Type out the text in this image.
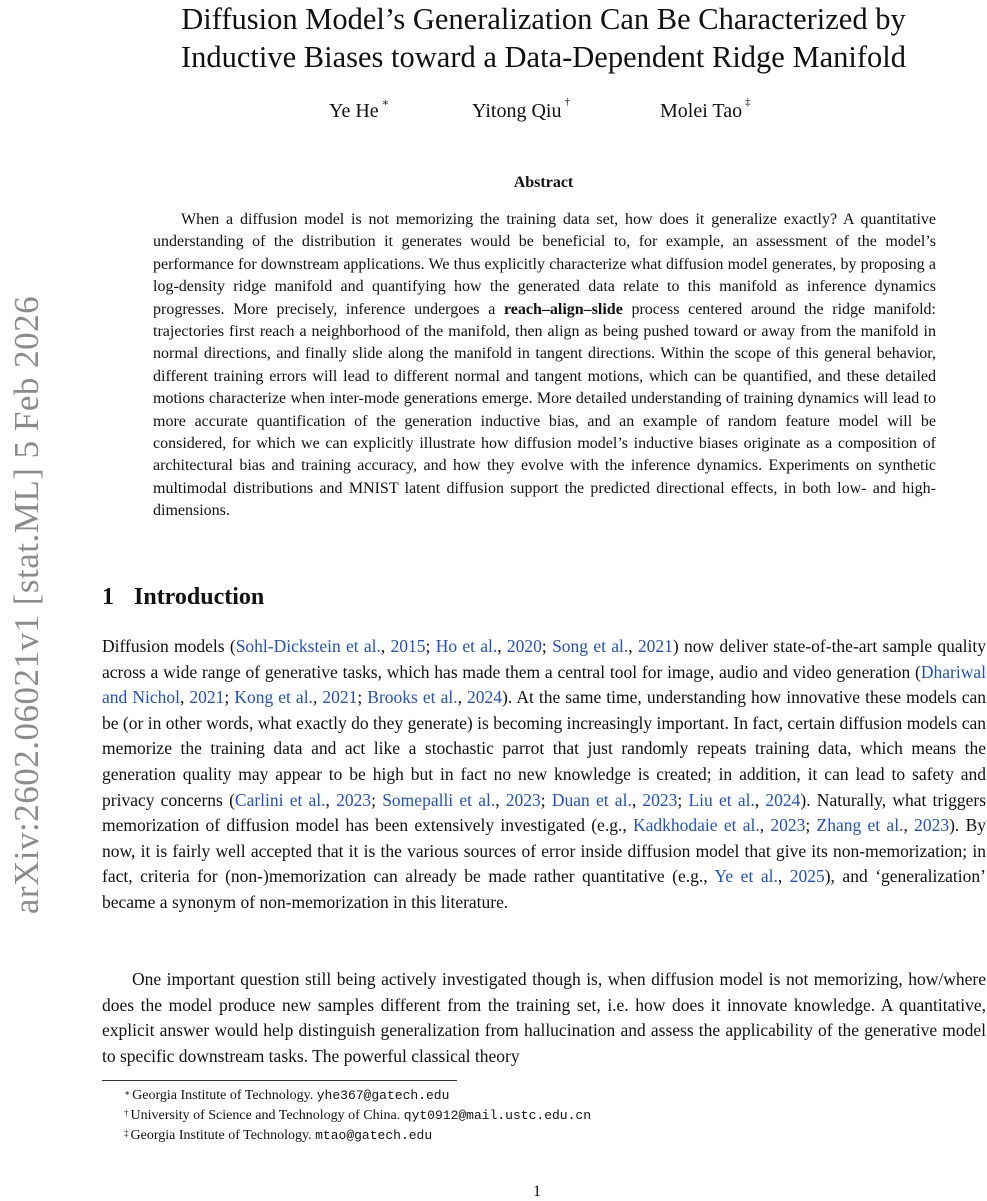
arXiv:2602.06021v1 [stat.ML] 5 Feb 2026
Diffusion Model’s Generalization Can Be Characterized by
Inductive Biases toward a Data-Dependent Ridge Manifold
Ye He ∗	Yitong Qiu †	Molei Tao ‡
Abstract

When a diffusion model is not memorizing the training data set, how does it generalize exactly? A quantitative understanding of the distribution it generates would be beneficial to, for example, an assessment of the model’s performance for downstream applications. We thus explicitly characterize what diffusion model generates, by proposing a log-density ridge manifold and quantifying how the generated data relate to this manifold as inference dynamics progresses. More precisely, inference undergoes a reach–align–slide process centered around the ridge manifold: trajectories first reach a neighborhood of the manifold, then align as being pushed toward or away from the manifold in normal directions, and finally slide along the manifold in tangent directions. Within the scope of this general behavior, different training errors will lead to different normal and tangent motions, which can be quantified, and these detailed motions characterize when inter-mode generations emerge. More detailed understanding of training dynamics will lead to more accurate quantification of the generation inductive bias, and an example of random feature model will be considered, for which we can explicitly illustrate how diffusion model’s inductive biases originate as a composition of architectural bias and training accuracy, and how they evolve with the inference dynamics. Experiments on synthetic multimodal distributions and MNIST latent diffusion support the predicted directional effects, in both low- and high-dimensions.

1 Introduction

Diffusion models (Sohl-Dickstein et al., 2015; Ho et al., 2020; Song et al., 2021) now deliver state-of-the-art sample quality across a wide range of generative tasks, which has made them a central tool for image, audio and video generation (Dhariwal and Nichol, 2021; Kong et al., 2021; Brooks et al., 2024). At the same time, understanding how innovative these models can be (or in other words, what exactly do they generate) is becoming increasingly important. In fact, certain diffusion models can memorize the training data and act like a stochastic parrot that just randomly repeats training data, which means the generation quality may appear to be high but in fact no new knowledge is created; in addition, it can lead to safety and privacy concerns (Carlini et al., 2023; Somepalli et al., 2023; Duan et al., 2023; Liu et al., 2024). Naturally, what triggers memorization of diffusion model has been extensively investigated (e.g., Kadkhodaie et al., 2023; Zhang et al., 2023). By now, it is fairly well accepted that it is the various sources of error inside diffusion model that give its non-memorization; in fact, criteria for (non-)memorization can already be made rather quantitative (e.g., Ye et al., 2025), and ‘generalization’ became a synonym of non-memorization in this literature.

One important question still being actively investigated though is, when diffusion model is not memorizing, how/where does the model produce new samples different from the training set, i.e. how does it innovate knowledge. A quantitative, explicit answer would help distinguish generalization from hallucination and assess the applicability of the generative model to specific downstream tasks. The powerful classical theory

∗ Georgia Institute of Technology. yhe367@gatech.edu
† University of Science and Technology of China. qyt0912@mail.ustc.edu.cn
‡ Georgia Institute of Technology. mtao@gatech.edu
1
